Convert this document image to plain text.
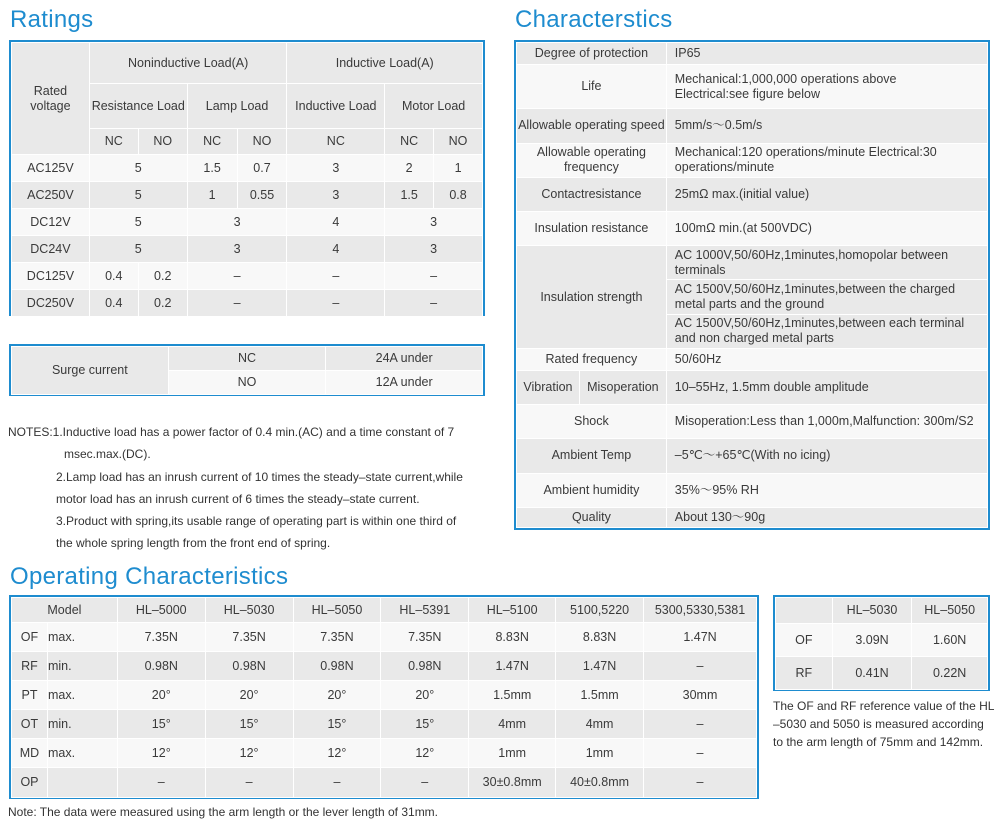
Ratings
Rated voltage	Noninductive Load(A)				Inductive Load(A)		
	Resistance Load		Lamp Load		Inductive Load	Motor Load	
	NC	NO	NC	NO	NC	NC	NO
AC125V	5		1.5	0.7	3	2	1
AC250V	5		1	0.55	3	1.5	0.8
DC12V	5		3		4	3	
DC24V	5		3		4	3	
DC125V	0.4	0.2	–		–	–	
DC250V	0.4	0.2	–		–	–	
Surge current	NC	24A under
	NO	12A under
NOTES:1.Inductive load has a power factor of 0.4 min.(AC) and a time constant of 7
msec.max.(DC).
2.Lamp load has an inrush current of 10 times the steady–state current,while
motor load has an inrush current of 6 times the steady–state current.
3.Product with spring,its usable range of operating part is within one third of
the whole spring length from the front end of spring.
Characterstics
Degree of protection		IP65
Life		Mechanical:1,000,000 operations above
Electrical:see figure below

Allowable operating speed		5mm/s～0.5m/s
Allowable operating frequency		Mechanical:120 operations/minute Electrical:30 operations/minute
Contactresistance		25mΩ max.(initial value)
Insulation resistance		100mΩ min.(at 500VDC)
Insulation strength		AC 1000V,50/60Hz,1minutes,homopolar between terminals
		AC 1500V,50/60Hz,1minutes,between the charged metal parts and the ground
		AC 1500V,50/60Hz,1minutes,between each terminal and non charged metal parts
Rated frequency		50/60Hz
Vibration	Misoperation	10–55Hz, 1.5mm double amplitude
Shock		Misoperation:Less than 1,000m,Malfunction: 300m/S2
Ambient Temp		–5℃～+65℃(With no icing)
Ambient humidity		35%～95% RH
Quality		About 130～90g
Operating Characteristics
Model		HL–5000	HL–5030	HL–5050	HL–5391	HL–5100	5100,5220	5300,5330,5381
OF	max.	7.35N	7.35N	7.35N	7.35N	8.83N	8.83N	1.47N
RF	min.	0.98N	0.98N	0.98N	0.98N	1.47N	1.47N	–
PT	max.	20°	20°	20°	20°	1.5mm	1.5mm	30mm
OT	min.	15°	15°	15°	15°	4mm	4mm	–
MD	max.	12°	12°	12°	12°	1mm	1mm	–
OP		–	–	–	–	30±0.8mm	40±0.8mm	–

Note: The data were measured using the arm length or the lever length of 31mm.

	HL–5030	HL–5050
OF	3.09N	1.60N
RF	0.41N	0.22N
The OF and RF reference value of the HL
–5030 and 5050 is measured according
to the arm length of 75mm and 142mm.
